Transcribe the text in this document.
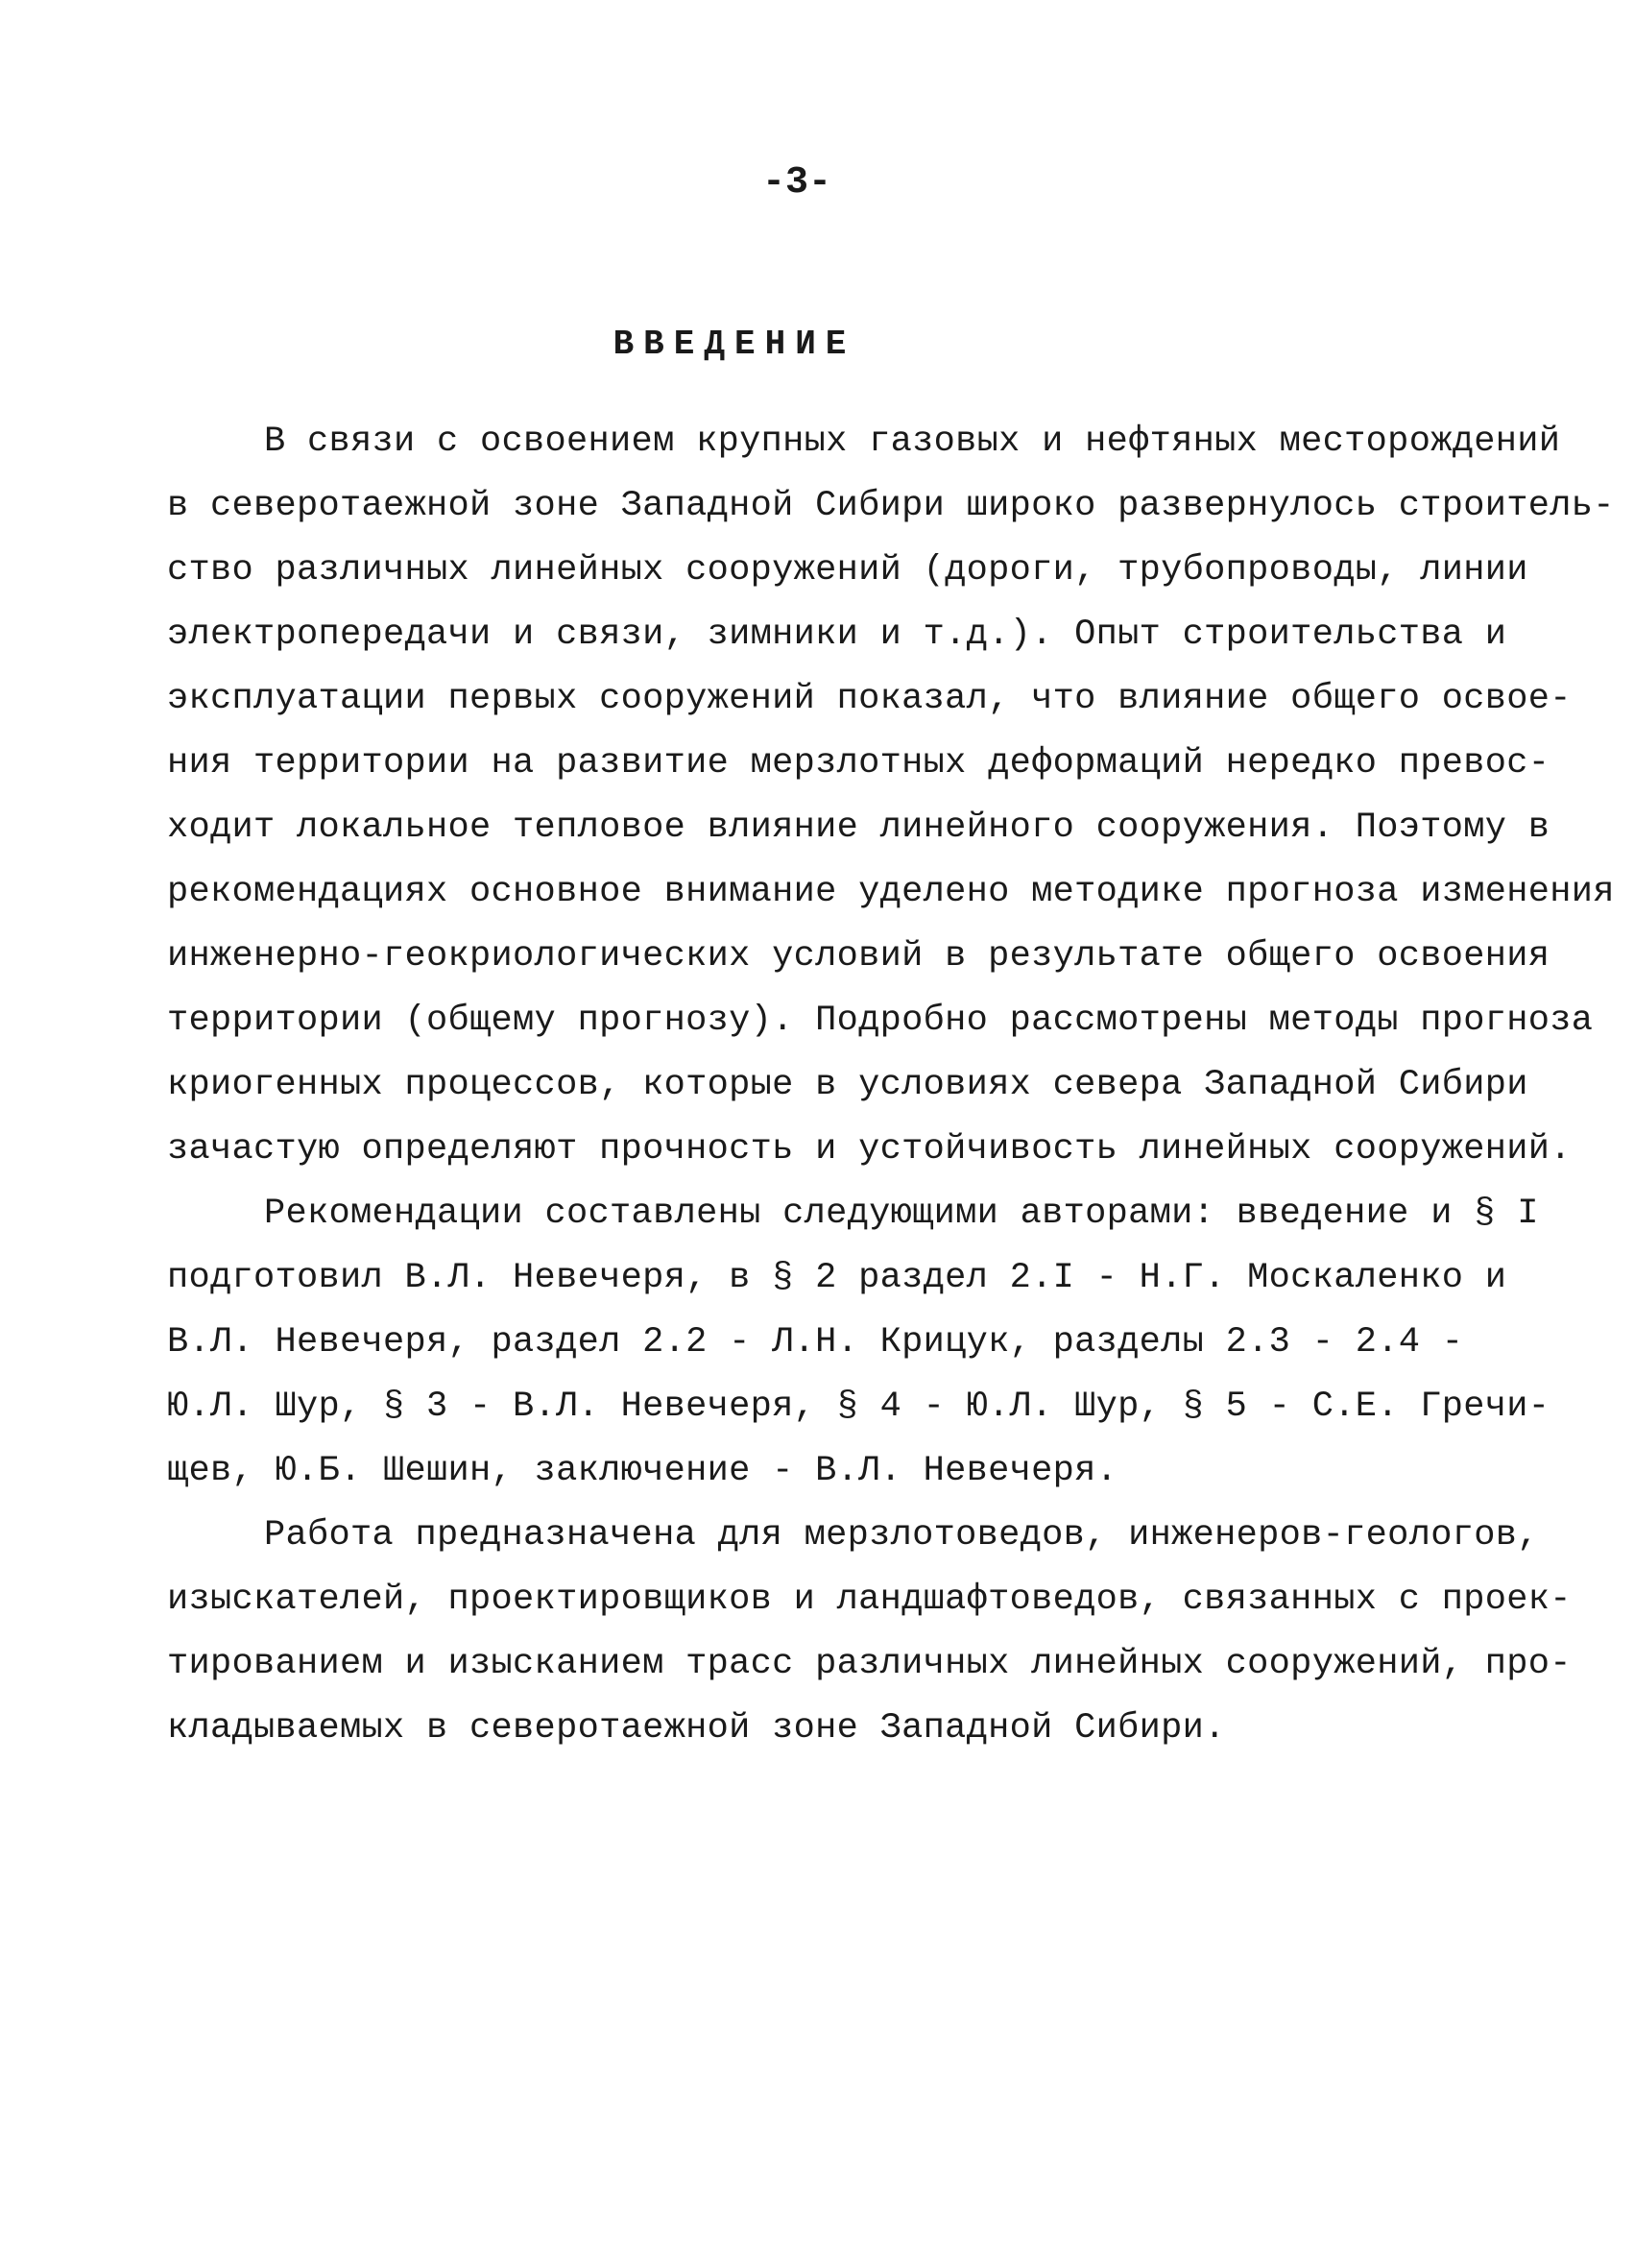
-3-
ВВЕДЕНИЕ
В связи с освоением крупных газовых и нефтяных месторождений
в северотаежной зоне Западной Сибири широко развернулось строитель-
ство различных линейных сооружений (дороги, трубопроводы, линии
электропередачи и связи, зимники и т.д.). Опыт строительства и
эксплуатации первых сооружений показал, что влияние общего освое-
ния территории на развитие мерзлотных деформаций нередко превос-
ходит локальное тепловое влияние линейного сооружения. Поэтому в
рекомендациях основное внимание уделено методике прогноза изменения
инженерно-геокриологических условий в результате общего освоения
территории (общему прогнозу). Подробно рассмотрены методы прогноза
криогенных процессов, которые в условиях севера Западной Сибири
зачастую определяют прочность и устойчивость линейных сооружений.
Рекомендации составлены следующими авторами: введение и § I
подготовил В.Л. Невечеря, в § 2 раздел 2.I - Н.Г. Москаленко и
В.Л. Невечеря, раздел 2.2 - Л.Н. Крицук, разделы 2.3 - 2.4 -
Ю.Л. Шур, § 3 - В.Л. Невечеря, § 4 - Ю.Л. Шур, § 5 - С.Е. Гречи-
щев, Ю.Б. Шешин, заключение - В.Л. Невечеря.
Работа предназначена для мерзлотоведов, инженеров-геологов,
изыскателей, проектировщиков и ландшафтоведов, связанных с проек-
тированием и изысканием трасс различных линейных сооружений, про-
кладываемых в северотаежной зоне Западной Сибири.
